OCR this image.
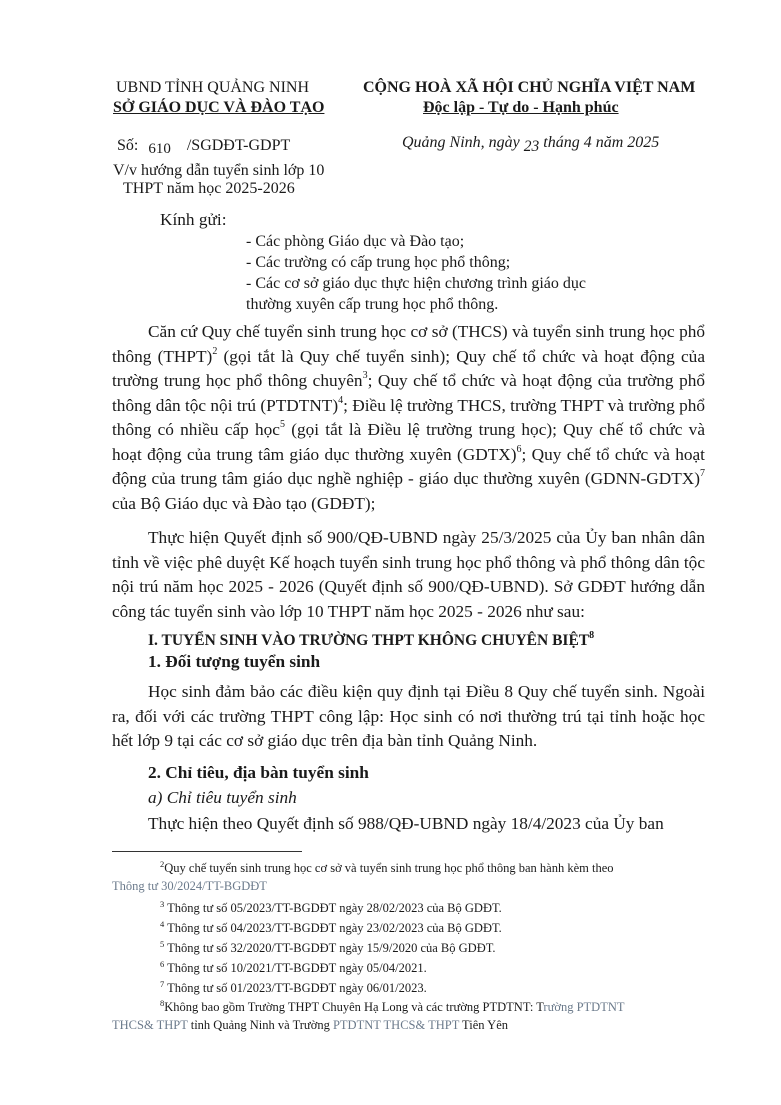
UBND TỈNH QUẢNG NINH
SỞ GIÁO DỤC VÀ ĐÀO TẠO
CỘNG HOÀ XÃ HỘI CHỦ NGHĨA VIỆT NAM
Độc lập - Tự do - Hạnh phúc
Số: 610 /SGDĐT-GDPT	Quảng Ninh, ngày 23 tháng 4 năm 2025
V/v hướng dẫn tuyển sinh lớp 10
THPT năm học 2025-2026
Kính gửi:
- Các phòng Giáo dục và Đào tạo;
- Các trường có cấp trung học phổ thông;
- Các cơ sở giáo dục thực hiện chương trình giáo dục
thường xuyên cấp trung học phổ thông.
Căn cứ Quy chế tuyển sinh trung học cơ sở (THCS) và tuyển sinh trung học phổ thông (THPT)$^2$ (gọi tắt là Quy chế tuyển sinh); Quy chế tổ chức và hoạt động của trường trung học phổ thông chuyên$^3$; Quy chế tổ chức và hoạt động của trường phổ thông dân tộc nội trú (PTDTNT)$^4$; Điều lệ trường THCS, trường THPT và trường phổ thông có nhiều cấp học$^5$ (gọi tắt là Điều lệ trường trung học); Quy chế tổ chức và hoạt động của trung tâm giáo dục thường xuyên (GDTX)$^6$; Quy chế tổ chức và hoạt động của trung tâm giáo dục nghề nghiệp - giáo dục thường xuyên (GDNN-GDTX)$^7$ của Bộ Giáo dục và Đào tạo (GDĐT);
Thực hiện Quyết định số 900/QĐ-UBND ngày 25/3/2025 của Ủy ban nhân dân tỉnh về việc phê duyệt Kế hoạch tuyển sinh trung học phổ thông và phổ thông dân tộc nội trú năm học 2025 - 2026 (Quyết định số 900/QĐ-UBND). Sở GDĐT hướng dẫn công tác tuyển sinh vào lớp 10 THPT năm học 2025 - 2026 như sau:
I. TUYỂN SINH VÀO TRƯỜNG THPT KHÔNG CHUYÊN BIỆT$^8$
1. Đối tượng tuyển sinh
Học sinh đảm bảo các điều kiện quy định tại Điều 8 Quy chế tuyển sinh. Ngoài ra, đối với các trường THPT công lập: Học sinh có nơi thường trú tại tỉnh hoặc học hết lớp 9 tại các cơ sở giáo dục trên địa bàn tỉnh Quảng Ninh.
2. Chỉ tiêu, địa bàn tuyển sinh
a) Chỉ tiêu tuyển sinh
Thực hiện theo Quyết định số 988/QĐ-UBND ngày 18/4/2023 của Ủy ban
$^2$Quy chế tuyển sinh trung học cơ sở và tuyển sinh trung học phổ thông ban hành kèm theo
Thông tư 30/2024/TT-BGDĐT
$^3$ Thông tư số 05/2023/TT-BGDĐT ngày 28/02/2023 của Bộ GDĐT.
$^4$ Thông tư số 04/2023/TT-BGDĐT ngày 23/02/2023 của Bộ GDĐT.
$^5$ Thông tư số 32/2020/TT-BGDĐT ngày 15/9/2020 của Bộ GDĐT.
$^6$ Thông tư số 10/2021/TT-BGDĐT ngày 05/04/2021.
$^7$ Thông tư số 01/2023/TT-BGDĐT ngày 06/01/2023.
$^8$Không bao gồm Trường THPT Chuyên Hạ Long và các trường PTDTNT: Trường PTDTNT
THCS& THPT tỉnh Quảng Ninh và Trường PTDTNT THCS& THPT Tiên Yên
